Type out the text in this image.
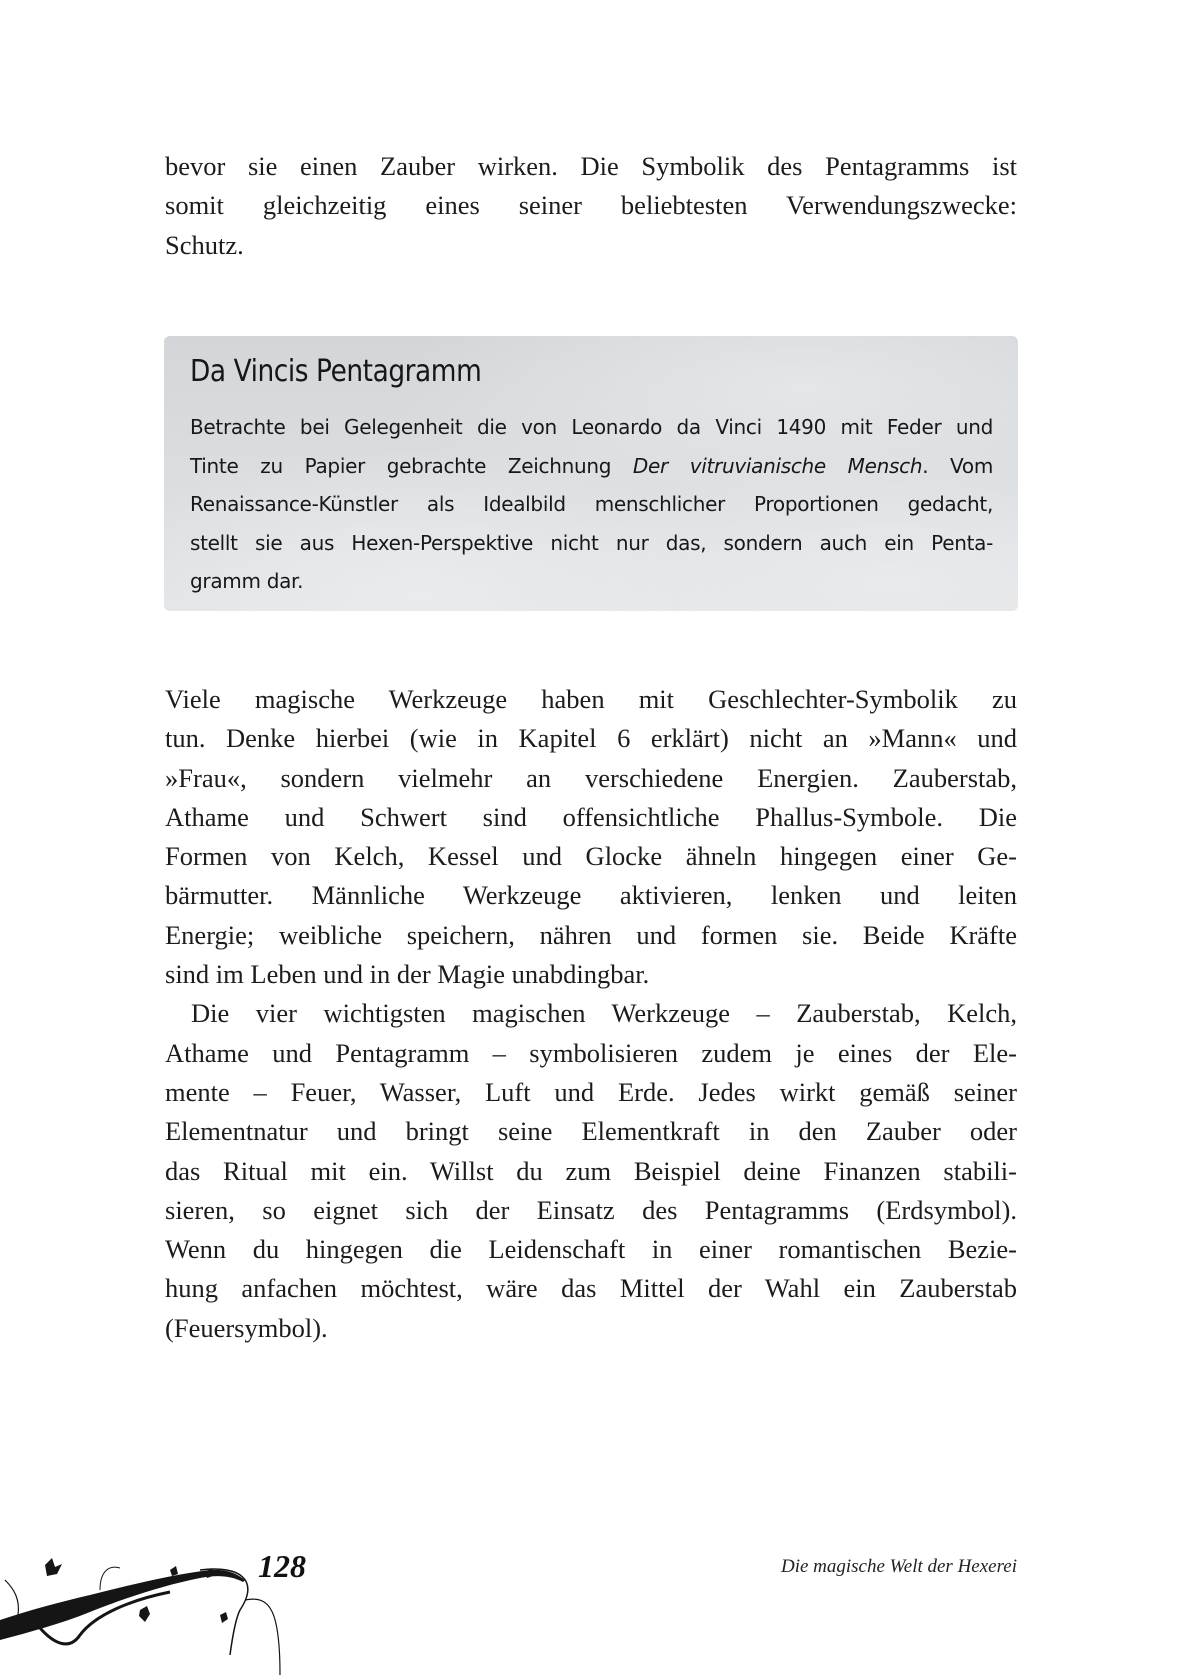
bevor sie einen Zauber wirken. Die Symbolik des Pentagramms ist
somit gleichzeitig eines seiner beliebtesten Verwendungszwecke:
Schutz.
Da Vincis Pentagramm
Betrachte bei Gelegenheit die von Leonardo da Vinci 1490 mit Feder und
Tinte zu Papier gebrachte Zeichnung Der vitruvianische Mensch. Vom
Renaissance-Künstler als Idealbild menschlicher Proportionen gedacht,
stellt sie aus Hexen-Perspektive nicht nur das, sondern auch ein Penta-
gramm dar.

Viele magische Werkzeuge haben mit Geschlechter-Symbolik zu
tun. Denke hierbei (wie in Kapitel 6 erklärt) nicht an »Mann« und
»Frau«, sondern vielmehr an verschiedene Energien. Zauberstab,
Athame und Schwert sind offensichtliche Phallus-Symbole. Die
Formen von Kelch, Kessel und Glocke ähneln hingegen einer Ge-
bärmutter. Männliche Werkzeuge aktivieren, lenken und leiten
Energie; weibliche speichern, nähren und formen sie. Beide Kräfte
sind im Leben und in der Magie unabdingbar.

Die vier wichtigsten magischen Werkzeuge – Zauberstab, Kelch,
Athame und Pentagramm – symbolisieren zudem je eines der Ele-
mente – Feuer, Wasser, Luft und Erde. Jedes wirkt gemäß seiner
Elementnatur und bringt seine Elementkraft in den Zauber oder
das Ritual mit ein. Willst du zum Beispiel deine Finanzen stabili-
sieren, so eignet sich der Einsatz des Pentagramms (Erdsymbol).
Wenn du hingegen die Leidenschaft in einer romantischen Bezie-
hung anfachen möchtest, wäre das Mittel der Wahl ein Zauberstab
(Feuersymbol).

128	Die magische Welt der Hexerei
